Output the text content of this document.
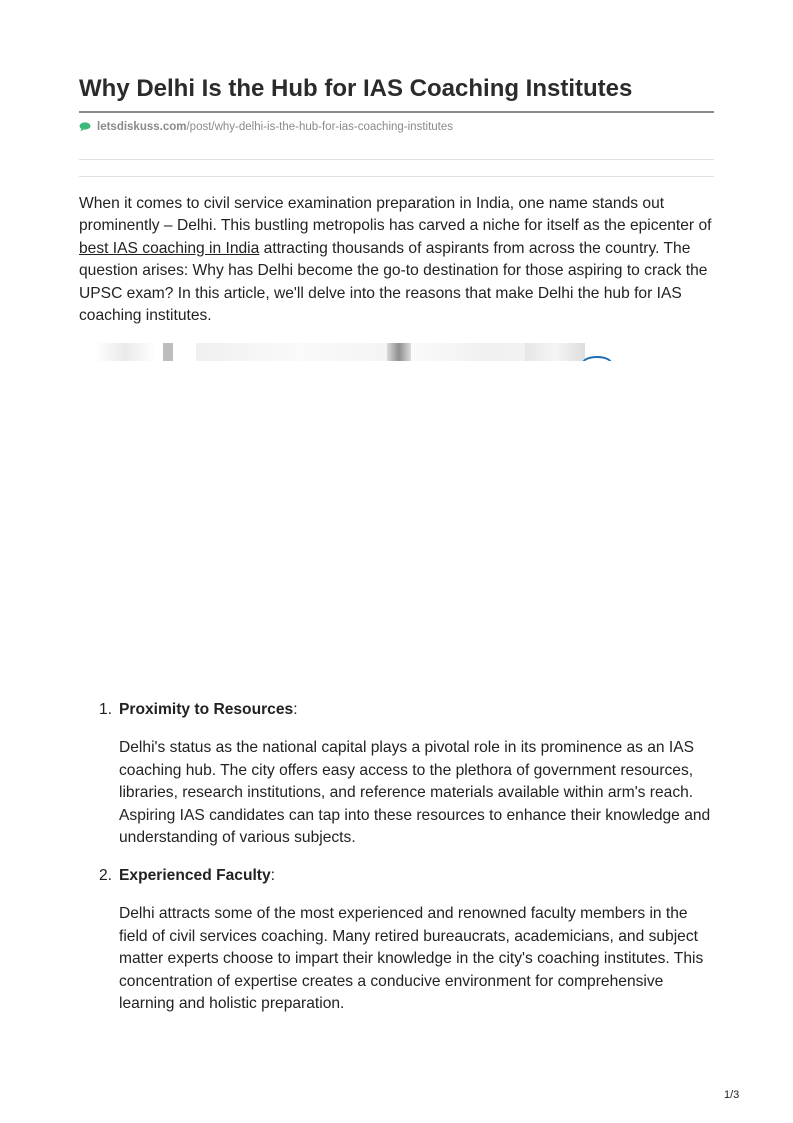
Why Delhi Is the Hub for IAS Coaching Institutes
letsdiskuss.com /post/why-delhi-is-the-hub-for-ias-coaching-institutes

When it comes to civil service examination preparation in India, one name stands out prominently – Delhi. This bustling metropolis has carved a niche for itself as the epicenter of best IAS coaching in India attracting thousands of aspirants from across the country. The question arises: Why has Delhi become the go-to destination for those aspiring to crack the UPSC exam? In this article, we'll delve into the reasons that make Delhi the hub for IAS coaching institutes.

1. Proximity to Resources:

Delhi's status as the national capital plays a pivotal role in its prominence as an IAS coaching hub. The city offers easy access to the plethora of government resources, libraries, research institutions, and reference materials available within arm's reach. Aspiring IAS candidates can tap into these resources to enhance their knowledge and understanding of various subjects.

2. Experienced Faculty:

Delhi attracts some of the most experienced and renowned faculty members in the field of civil services coaching. Many retired bureaucrats, academicians, and subject matter experts choose to impart their knowledge in the city's coaching institutes. This concentration of expertise creates a conducive environment for comprehensive learning and holistic preparation.

1/3
